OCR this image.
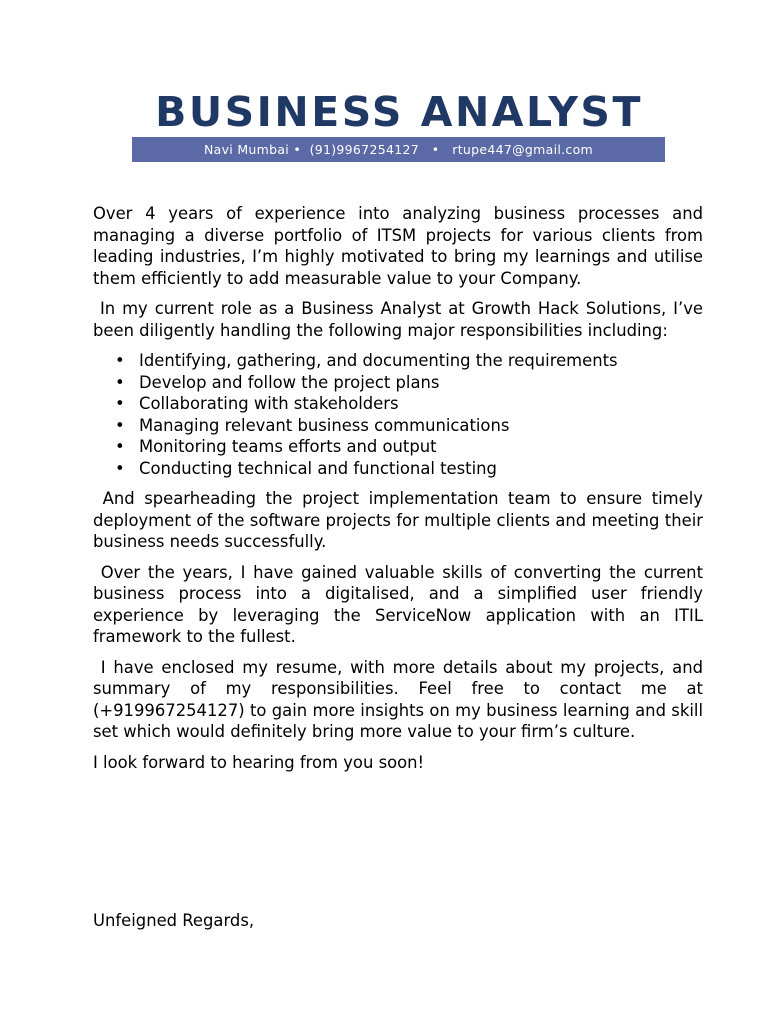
BUSINESS ANALYST
Navi Mumbai •  (91)9967254127   •   rtupe447@gmail.com

Over 4 years of experience into analyzing business processes and managing a diverse portfolio of ITSM projects for various clients from leading industries, I’m highly motivated to bring my learnings and utilise them efficiently to add measurable value to your Company.

In my current role as a Business Analyst at Growth Hack Solutions, I’ve been diligently handling the following major responsibilities including:

• Identifying, gathering, and documenting the requirements
• Develop and follow the project plans
• Collaborating with stakeholders
• Managing relevant business communications
• Monitoring teams efforts and output
• Conducting technical and functional testing

And spearheading the project implementation team to ensure timely deployment of the software projects for multiple clients and meeting their business needs successfully.

Over the years, I have gained valuable skills of converting the current business process into a digitalised, and a simplified user friendly experience by leveraging the ServiceNow application with an ITIL framework to the fullest.

I have enclosed my resume, with more details about my projects, and summary of my responsibilities. Feel free to contact me at (+919967254127) to gain more insights on my business learning and skill set which would definitely bring more value to your firm’s culture.

I look forward to hearing from you soon!

Unfeigned Regards,
